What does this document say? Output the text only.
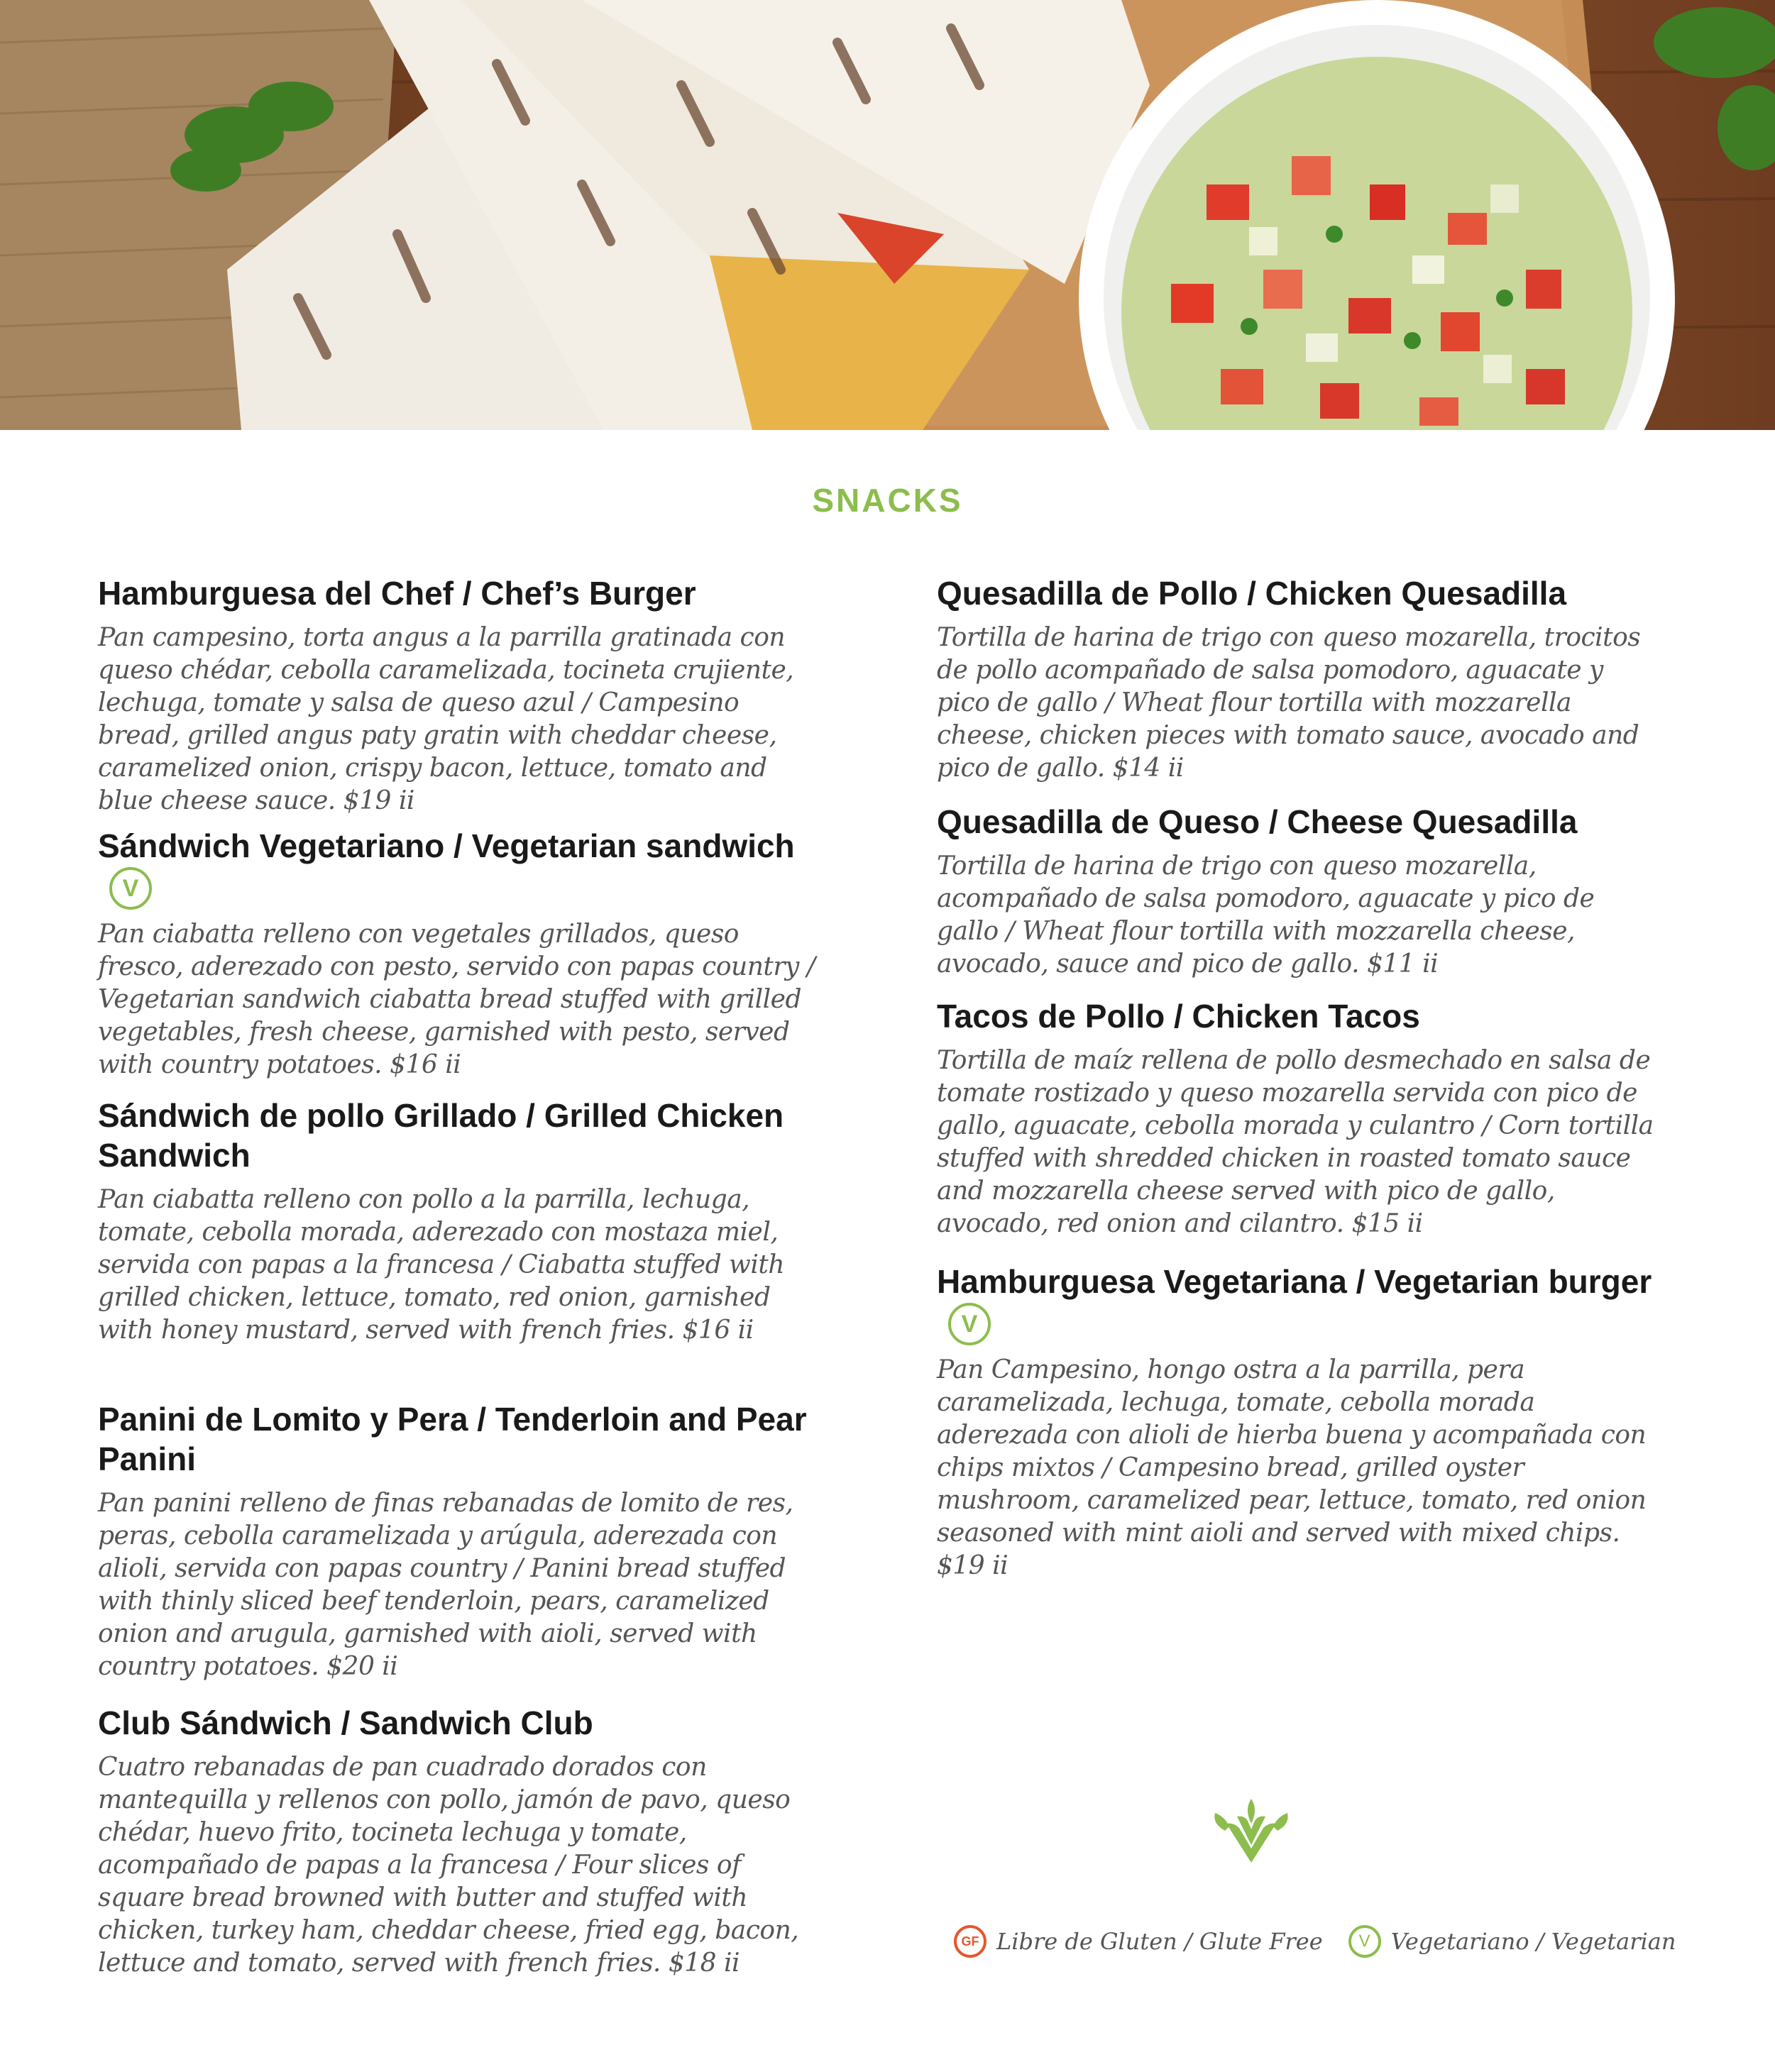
SNACKS
Hamburguesa del Chef / Chef’s Burger

Pan campesino, torta angus a la parrilla gratinada con queso chédar, cebolla caramelizada, tocineta crujiente, lechuga, tomate y salsa de queso azul / Campesino bread, grilled angus paty gratin with cheddar cheese, caramelized onion, crispy bacon, lettuce, tomato and blue cheese sauce. $19 ii

Sándwich Vegetariano / Vegetarian sandwichV

Pan ciabatta relleno con vegetales grillados, queso fresco, aderezado con pesto, servido con papas country / Vegetarian sandwich ciabatta bread stuffed with grilled vegetables, fresh cheese, garnished with pesto, served with country potatoes. $16 ii

Sándwich de pollo Grillado / Grilled Chicken Sandwich

Pan ciabatta relleno con pollo a la parrilla, lechuga, tomate, cebolla morada, aderezado con mostaza miel, servida con papas a la francesa / Ciabatta stuffed with grilled chicken, lettuce, tomato, red onion, garnished with honey mustard, served with french fries. $16 ii

Panini de Lomito y Pera / Tenderloin and Pear Panini

Pan panini relleno de finas rebanadas de lomito de res, peras, cebolla caramelizada y arúgula, aderezada con alioli, servida con papas country / Panini bread stuffed with thinly sliced beef tenderloin, pears, caramelized onion and arugula, garnished with aioli, served with country potatoes. $20 ii

Club Sándwich / Sandwich Club

Cuatro rebanadas de pan cuadrado dorados con mantequilla y rellenos con pollo, jamón de pavo, queso chédar, huevo frito, tocineta lechuga y tomate, acompañado de papas a la francesa / Four slices of square bread browned with butter and stuffed with chicken, turkey ham, cheddar cheese, fried egg, bacon, lettuce and tomato, served with french fries. $18 ii

Quesadilla de Pollo / Chicken Quesadilla

Tortilla de harina de trigo con queso mozarella, trocitos de pollo acompañado de salsa pomodoro, aguacate y pico de gallo / Wheat flour tortilla with mozzarella cheese, chicken pieces with tomato sauce, avocado and pico de gallo. $14 ii

Quesadilla de Queso / Cheese Quesadilla

Tortilla de harina de trigo con queso mozarella, acompañado de salsa pomodoro, aguacate y pico de gallo / Wheat flour tortilla with mozzarella cheese, avocado, sauce and pico de gallo. $11 ii

Tacos de Pollo / Chicken Tacos

Tortilla de maíz rellena de pollo desmechado en salsa de tomate rostizado y queso mozarella servida con pico de gallo, aguacate, cebolla morada y culantro / Corn tortilla stuffed with shredded chicken in roasted tomato sauce and mozzarella cheese served with pico de gallo, avocado, red onion and cilantro. $15 ii

Hamburguesa Vegetariana / Vegetarian burgerV

Pan Campesino, hongo ostra a la parrilla, pera caramelizada, lechuga, tomate, cebolla morada aderezada con alioli de hierba buena y acompañada con chips mixtos / Campesino bread, grilled oyster mushroom, caramelized pear, lettuce, tomato, red onion seasoned with mint aioli and served with mixed chips. $19 ii

GF Libre de Gluten / Glute Free	V Vegetariano / Vegetarian
